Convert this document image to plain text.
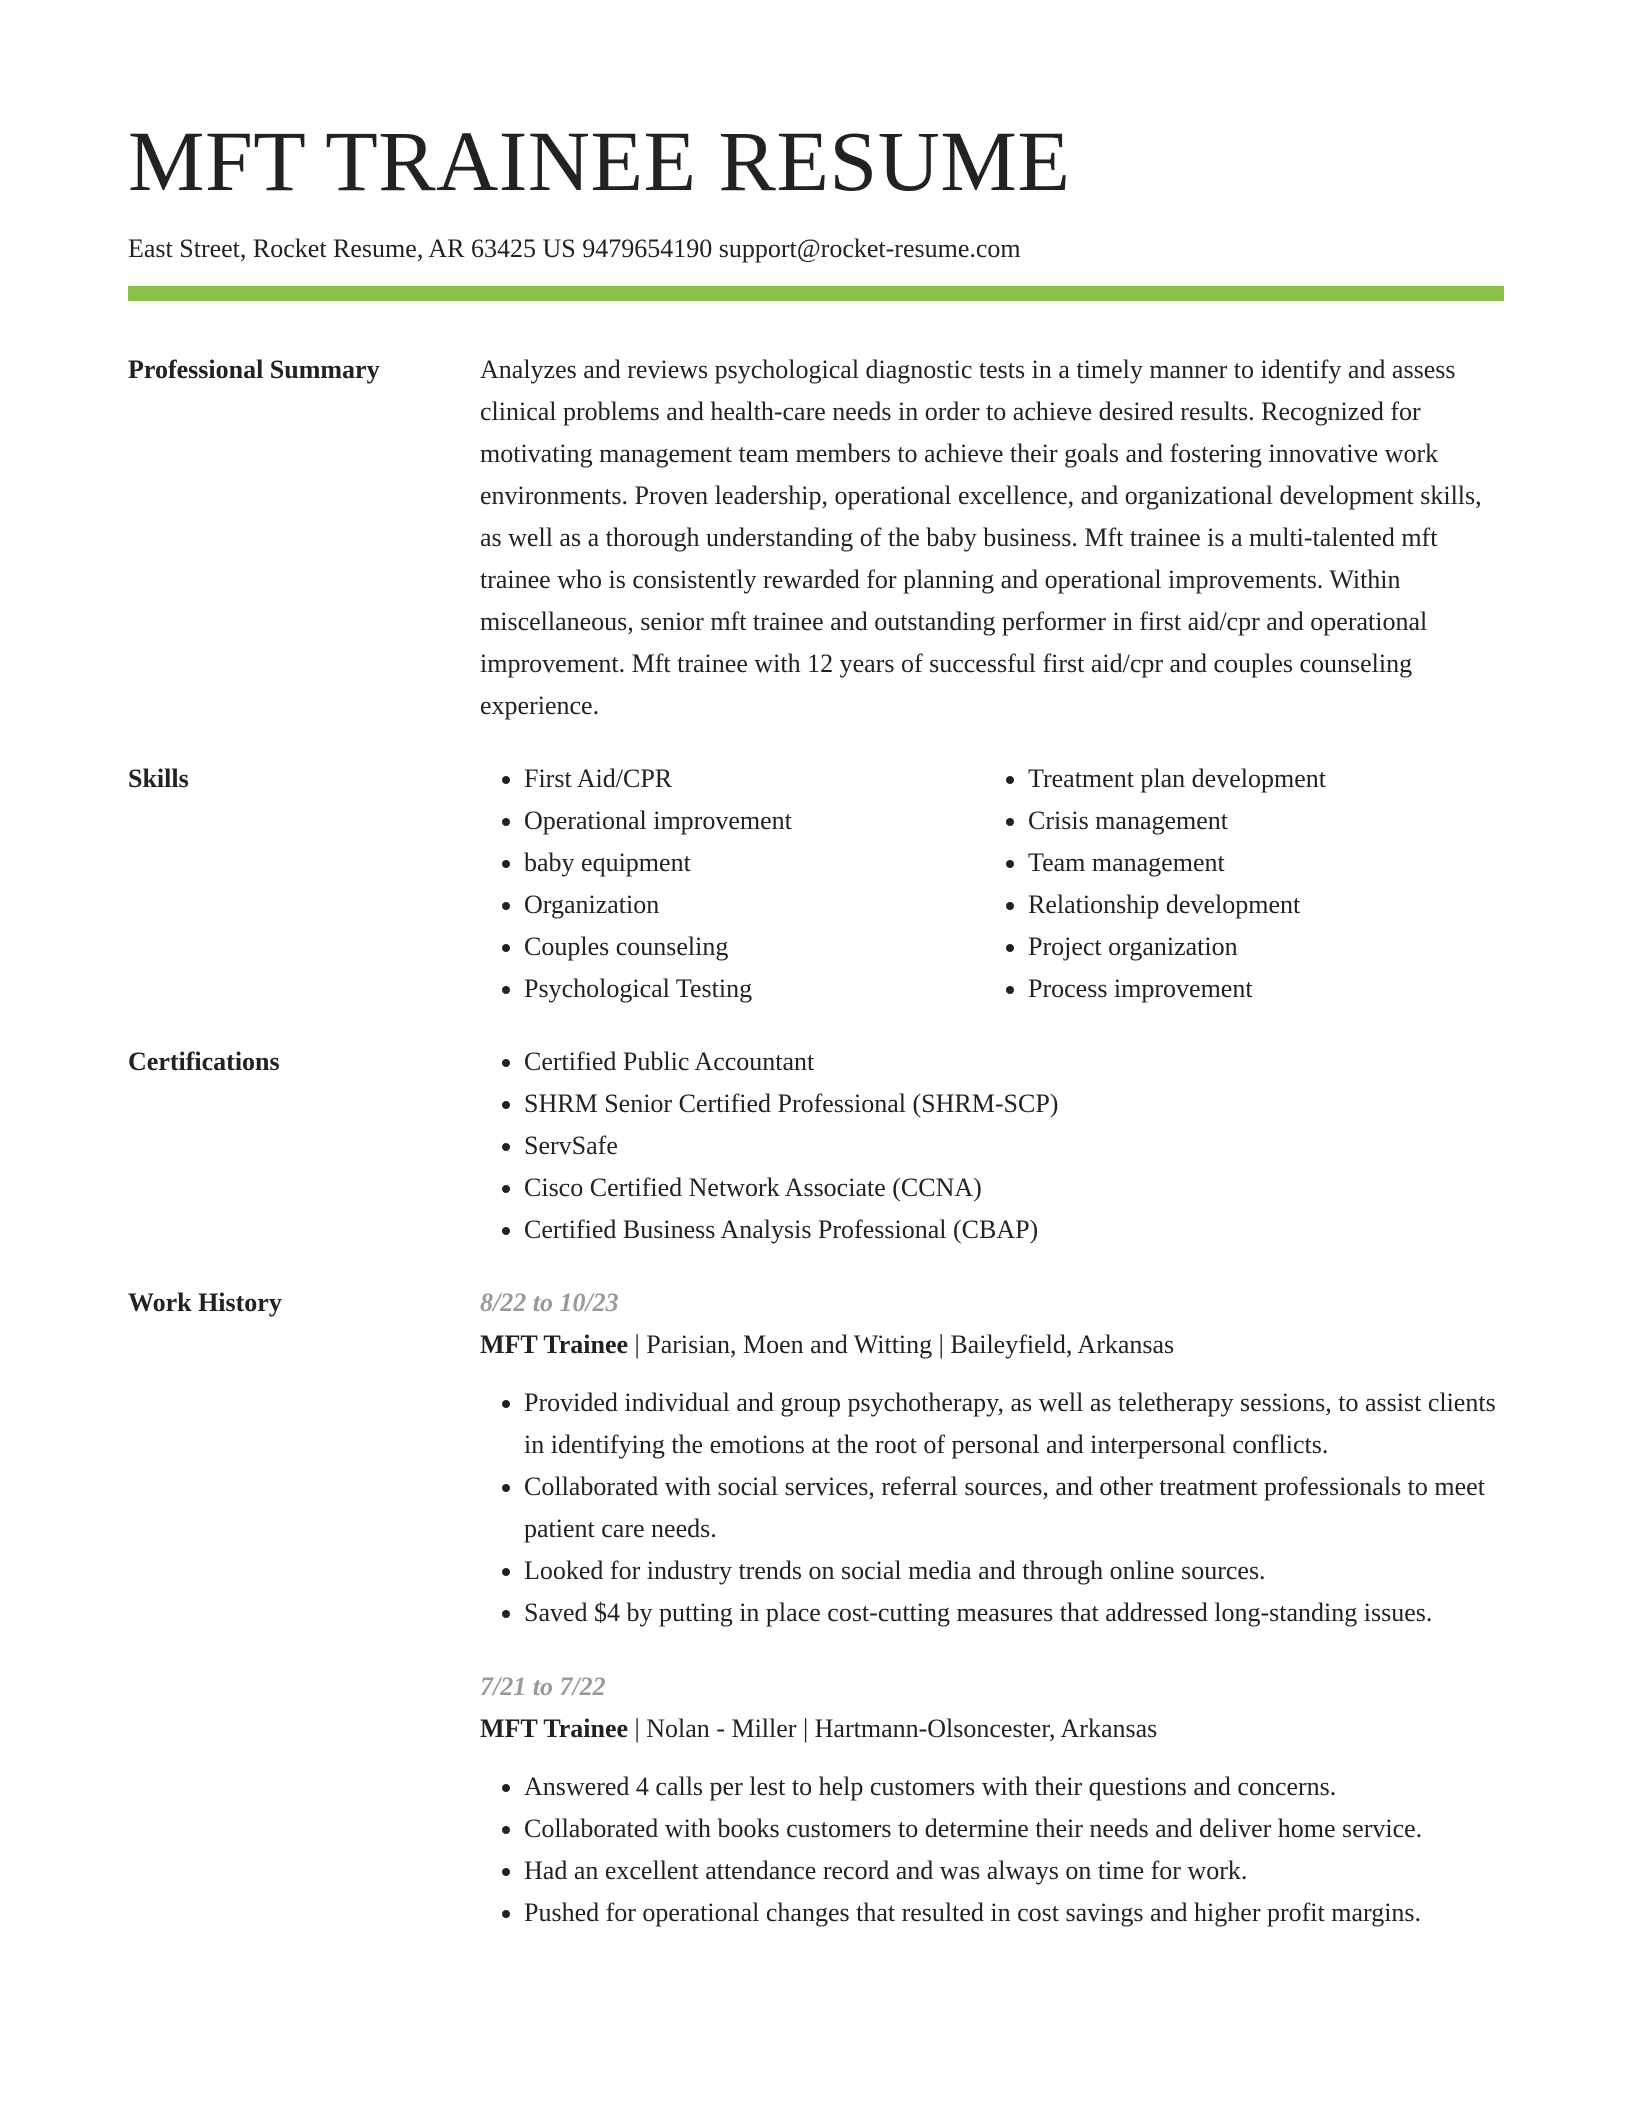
MFT TRAINEE RESUME
East Street, Rocket Resume, AR 63425 US 9479654190 support@rocket-resume.com
Professional Summary	Analyzes and reviews psychological diagnostic tests in a timely manner to identify and assess clinical problems and health-care needs in order to achieve desired results. Recognized for motivating management team members to achieve their goals and fostering innovative work environments. Proven leadership, operational excellence, and organizational development skills, as well as a thorough understanding of the baby business. Mft trainee is a multi-talented mft trainee who is consistently rewarded for planning and operational improvements. Within miscellaneous, senior mft trainee and outstanding performer in first aid/cpr and operational improvement. Mft trainee with 12 years of successful first aid/cpr and couples counseling experience.

Skills	• First Aid/CPR
• Operational improvement
• baby equipment
• Organization
• Couples counseling
• Psychological Testing
• Treatment plan development
• Crisis management
• Team management
• Relationship development
• Project organization
• Process improvement
Certifications	• Certified Public Accountant
• SHRM Senior Certified Professional (SHRM-SCP)
• ServSafe
• Cisco Certified Network Associate (CCNA)
• Certified Business Analysis Professional (CBAP)
Work History	8/22 to 10/23
MFT Trainee | Parisian, Moen and Witting | Baileyfield, Arkansas
• Provided individual and group psychotherapy, as well as teletherapy sessions, to assist clients in identifying the emotions at the root of personal and interpersonal conflicts.
• Collaborated with social services, referral sources, and other treatment professionals to meet patient care needs.
• Looked for industry trends on social media and through online sources.
• Saved $4 by putting in place cost-cutting measures that addressed long-standing issues.
7/21 to 7/22
MFT Trainee | Nolan - Miller | Hartmann-Olsoncester, Arkansas
• Answered 4 calls per lest to help customers with their questions and concerns.
• Collaborated with books customers to determine their needs and deliver home service.
• Had an excellent attendance record and was always on time for work.
• Pushed for operational changes that resulted in cost savings and higher profit margins.
